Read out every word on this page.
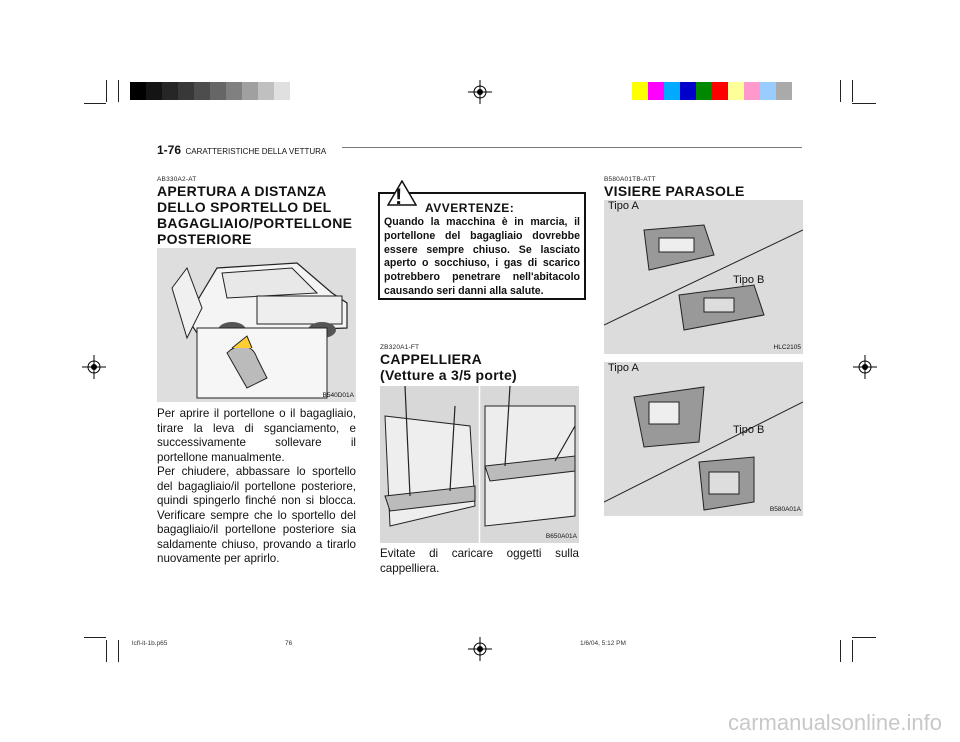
1-76 CARATTERISTICHE DELLA VETTURA
AB330A2-AT
APERTURA A DISTANZA DELLO SPORTELLO DEL BAGAGLIAIO/PORTELLONE POSTERIORE
B540D01A
Per aprire il portellone o il bagagliaio, tirare la leva di sganciamento, e successivamente sollevare il portellone manualmente.
Per chiudere, abbassare lo sportello del bagagliaio/il portellone posteriore, quindi spingerlo finché non si blocca. Verificare sempre che lo sportello del bagagliaio/il portellone posteriore sia saldamente chiuso, provando a tirarlo nuovamente per aprirlo.
! AVVERTENZE:
Quando la macchina è in marcia, il portellone del bagagliaio dovrebbe essere sempre chiuso. Se lasciato aperto o socchiuso, i gas di scarico potrebbero penetrare nell'abitacolo causando seri danni alla salute.
ZB320A1-FT
CAPPELLIERA
(Vetture a 3/5 porte)
B650A01A
Evitate di caricare oggetti sulla cappelliera.
B580A01TB-ATT
VISIERE PARASOLE
Tipo A
Tipo B
HLC2105
Tipo A
Tipo B
B580A01A
lcfl-it-1b.p65	76	1/6/04, 5:12 PM
carmanualsonline.info
